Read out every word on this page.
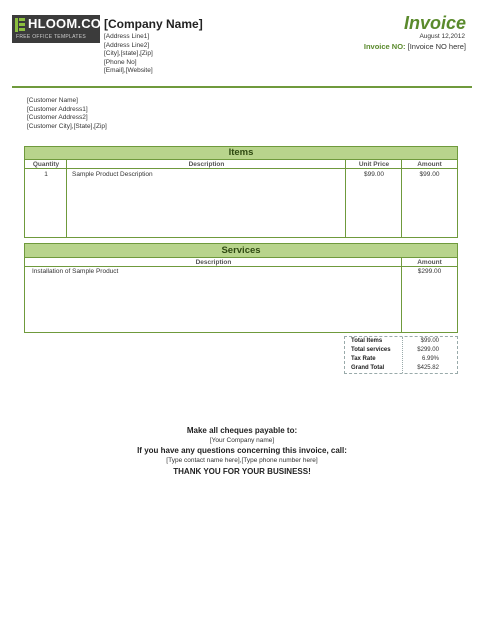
HLOOM.COM
FREE OFFICE TEMPLATES
[Company Name]
[Address Line1]
[Address Line2]
[City],[state],[Zip]
[Phone No]
[Email],[Website]
Invoice
August 12,2012
Invoice NO: [Invoice NO here]
[Customer Name]
[Customer Address1]
[Customer Address2]
[Customer City],[State],[Zip]
Items
Quantity	Description	Unit Price	Amount
1	Sample Product Description	$99.00	$99.00
Services
Description	Amount
Installation of Sample Product	$299.00
Total Items	$99.00
Total services	$299.00
Tax Rate	6.99%
Grand Total	$425.82
Make all cheques payable to:
[Your Company name]
If you have any questions concerning this invoice, call:
[Type contact name here],[Type phone number here]
THANK YOU FOR YOUR BUSINESS!
